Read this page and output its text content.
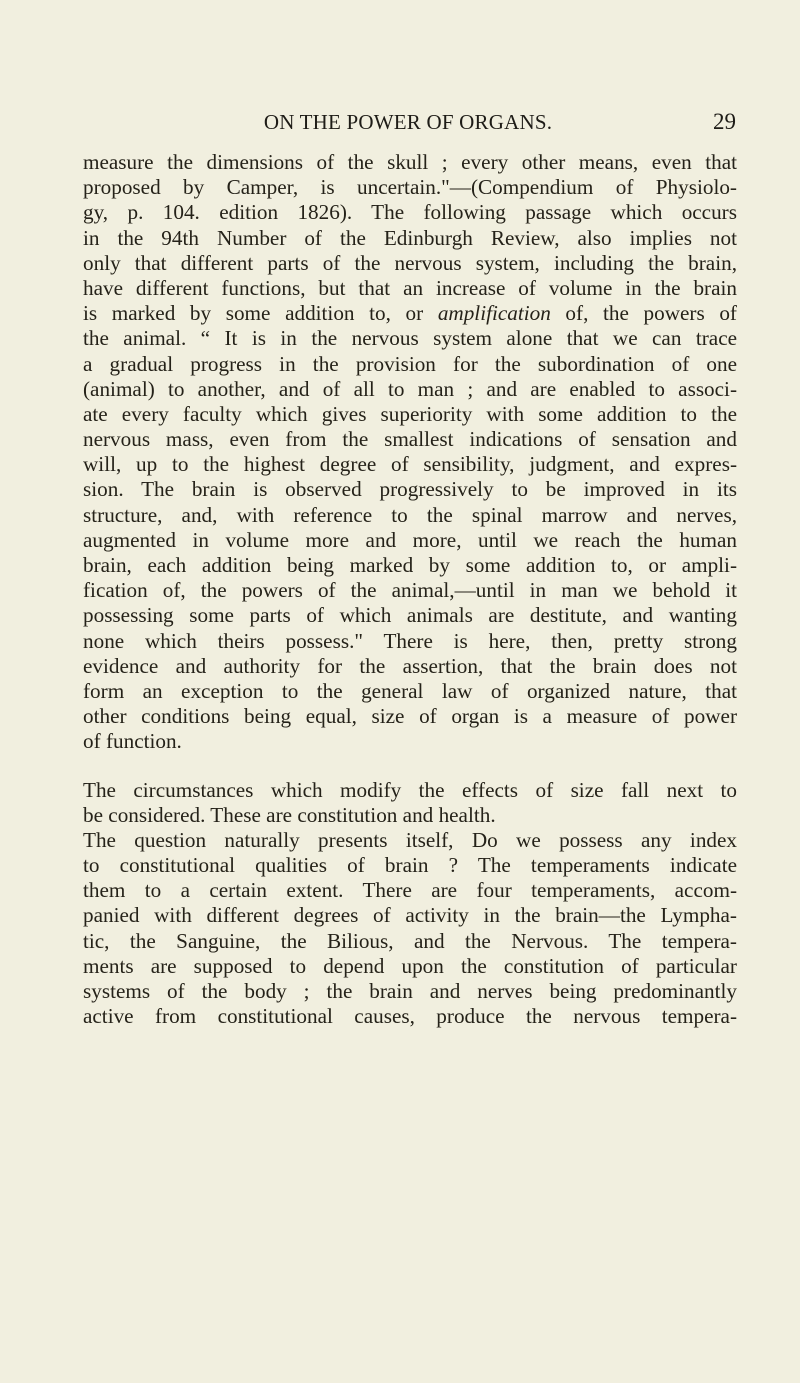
ON THE POWER OF ORGANS.	29
measure the dimensions of the skull ; every other means, even that
proposed by Camper, is uncertain."—(Compendium of Physiolo-
gy, p. 104. edition 1826). The following passage which occurs
in the 94th Number of the Edinburgh Review, also implies not
only that different parts of the nervous system, including the brain,
have different functions, but that an increase of volume in the brain
is marked by some addition to, or amplification of, the powers of
the animal. “ It is in the nervous system alone that we can trace
a gradual progress in the provision for the subordination of one
(animal) to another, and of all to man ; and are enabled to associ-
ate every faculty which gives superiority with some addition to the
nervous mass, even from the smallest indications of sensation and
will, up to the highest degree of sensibility, judgment, and expres-
sion. The brain is observed progressively to be improved in its
structure, and, with reference to the spinal marrow and nerves,
augmented in volume more and more, until we reach the human
brain, each addition being marked by some addition to, or ampli-
fication of, the powers of the animal,—until in man we behold it
possessing some parts of which animals are destitute, and wanting
none which theirs possess." There is here, then, pretty strong
evidence and authority for the assertion, that the brain does not
form an exception to the general law of organized nature, that
other conditions being equal, size of organ is a measure of power
of function.
The circumstances which modify the effects of size fall next to
be considered. These are constitution and health.
The question naturally presents itself, Do we possess any index
to constitutional qualities of brain ? The temperaments indicate
them to a certain extent. There are four temperaments, accom-
panied with different degrees of activity in the brain—the Lympha-
tic, the Sanguine, the Bilious, and the Nervous. The tempera-
ments are supposed to depend upon the constitution of particular
systems of the body ; the brain and nerves being predominantly
active from constitutional causes, produce the nervous tempera-
